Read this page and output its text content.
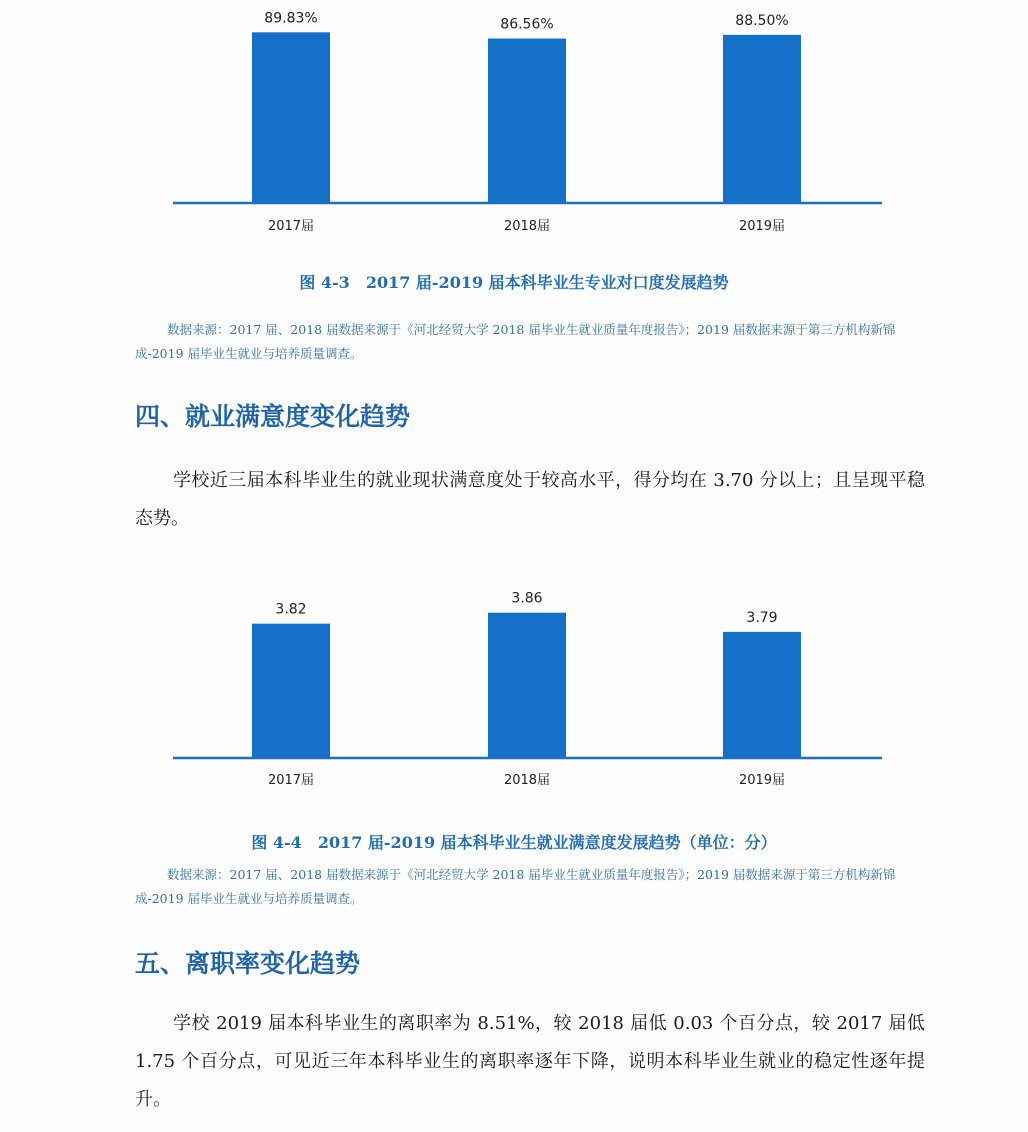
89.83%
2017届
86.56%
2018届
88.50%
2019届
图 4-3 2017 届-2019 届本科毕业生专业对口度发展趋势
数据来源：2017 届、2018 届数据来源于《河北经贸大学 2018 届毕业生就业质量年度报告》；2019 届数据来源于第三方机构新锦成-2019 届毕业生就业与培养质量调查。
四、就业满意度变化趋势
学校近三届本科毕业生的就业现状满意度处于较高水平，得分均在 3.70 分以上；且呈现平稳态势。
3.82
2017届
3.86
2018届
3.79
2019届
图 4-4 2017 届-2019 届本科毕业生就业满意度发展趋势（单位：分）
数据来源：2017 届、2018 届数据来源于《河北经贸大学 2018 届毕业生就业质量年度报告》；2019 届数据来源于第三方机构新锦成-2019 届毕业生就业与培养质量调查。
五、离职率变化趋势
学校 2019 届本科毕业生的离职率为 8.51%，较 2018 届低 0.03 个百分点，较 2017 届低 1.75 个百分点，可见近三年本科毕业生的离职率逐年下降，说明本科毕业生就业的稳定性逐年提升。
